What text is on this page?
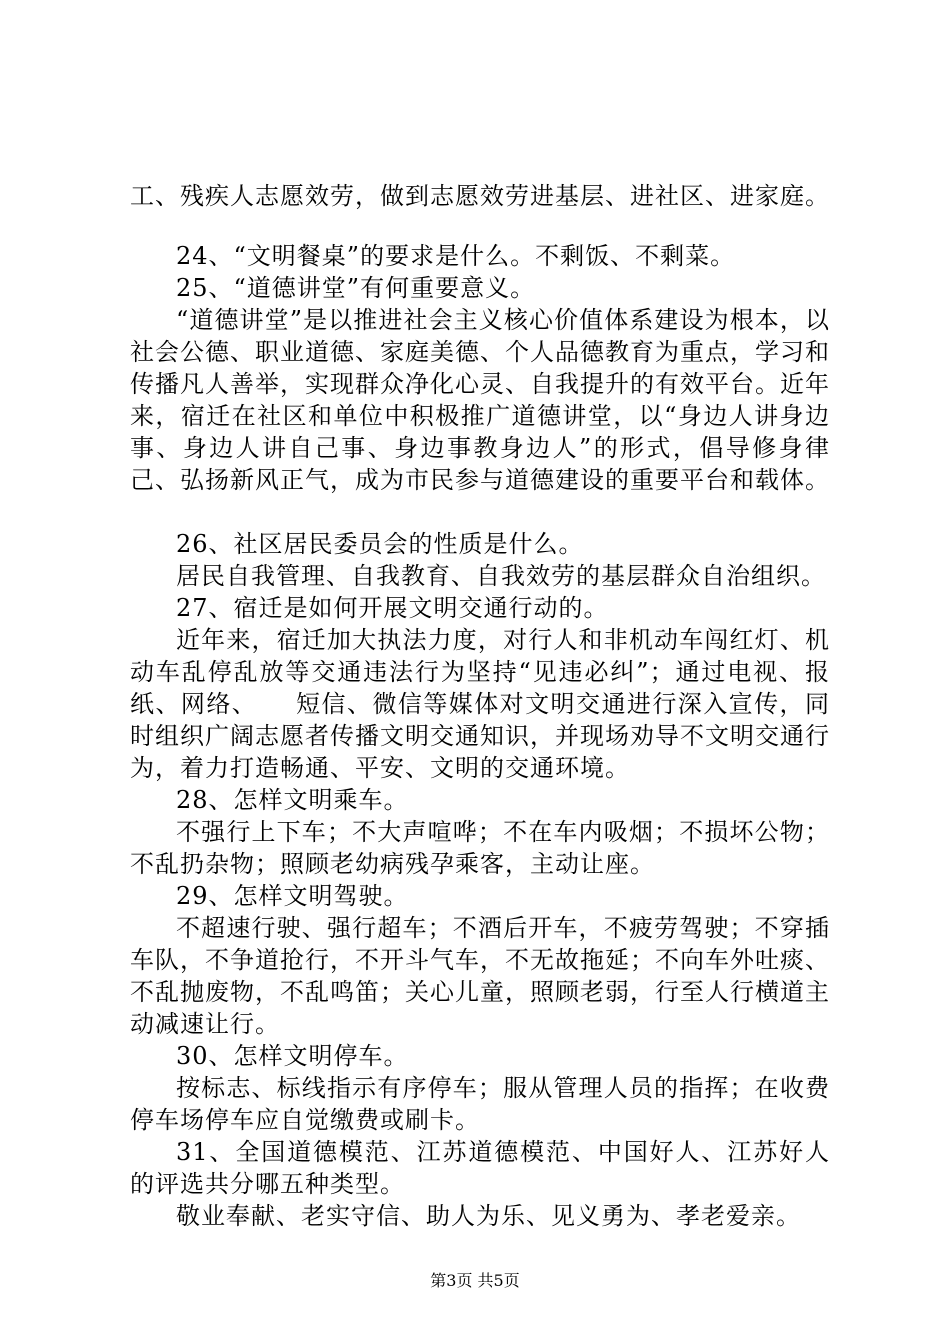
工、残疾人志愿效劳，做到志愿效劳进基层、进社区、进家庭。

24、“文明餐桌”的要求是什么。不剩饭、不剩菜。

25、“道德讲堂”有何重要意义。

“道德讲堂”是以推进社会主义核心价值体系建设为根本，以社会公德、职业道德、家庭美德、个人品德教育为重点，学习和传播凡人善举，实现群众净化心灵、自我提升的有效平台。近年来，宿迁在社区和单位中积极推广道德讲堂，以“身边人讲身边事、身边人讲自己事、身边事教身边人”的形式，倡导修身律己、弘扬新风正气，成为市民参与道德建设的重要平台和载体。

26、社区居民委员会的性质是什么。

居民自我管理、自我教育、自我效劳的基层群众自治组织。

27、宿迁是如何开展文明交通行动的。

近年来，宿迁加大执法力度，对行人和非机动车闯红灯、机动车乱停乱放等交通违法行为坚持“见违必纠”；通过电视、报纸、网络、　　短信、微信等媒体对文明交通进行深入宣传，同时组织广阔志愿者传播文明交通知识，并现场劝导不文明交通行为，着力打造畅通、平安、文明的交通环境。

28、怎样文明乘车。

不强行上下车；不大声喧哗；不在车内吸烟；不损坏公物；不乱扔杂物；照顾老幼病残孕乘客，主动让座。

29、怎样文明驾驶。

不超速行驶、强行超车；不酒后开车，不疲劳驾驶；不穿插车队，不争道抢行，不开斗气车，不无故拖延；不向车外吐痰、不乱抛废物，不乱鸣笛；关心儿童，照顾老弱，行至人行横道主动减速让行。

30、怎样文明停车。

按标志、标线指示有序停车；服从管理人员的指挥；在收费停车场停车应自觉缴费或刷卡。

31、全国道德模范、江苏道德模范、中国好人、江苏好人的评选共分哪五种类型。

敬业奉献、老实守信、助人为乐、见义勇为、孝老爱亲。

第3页 共5页
